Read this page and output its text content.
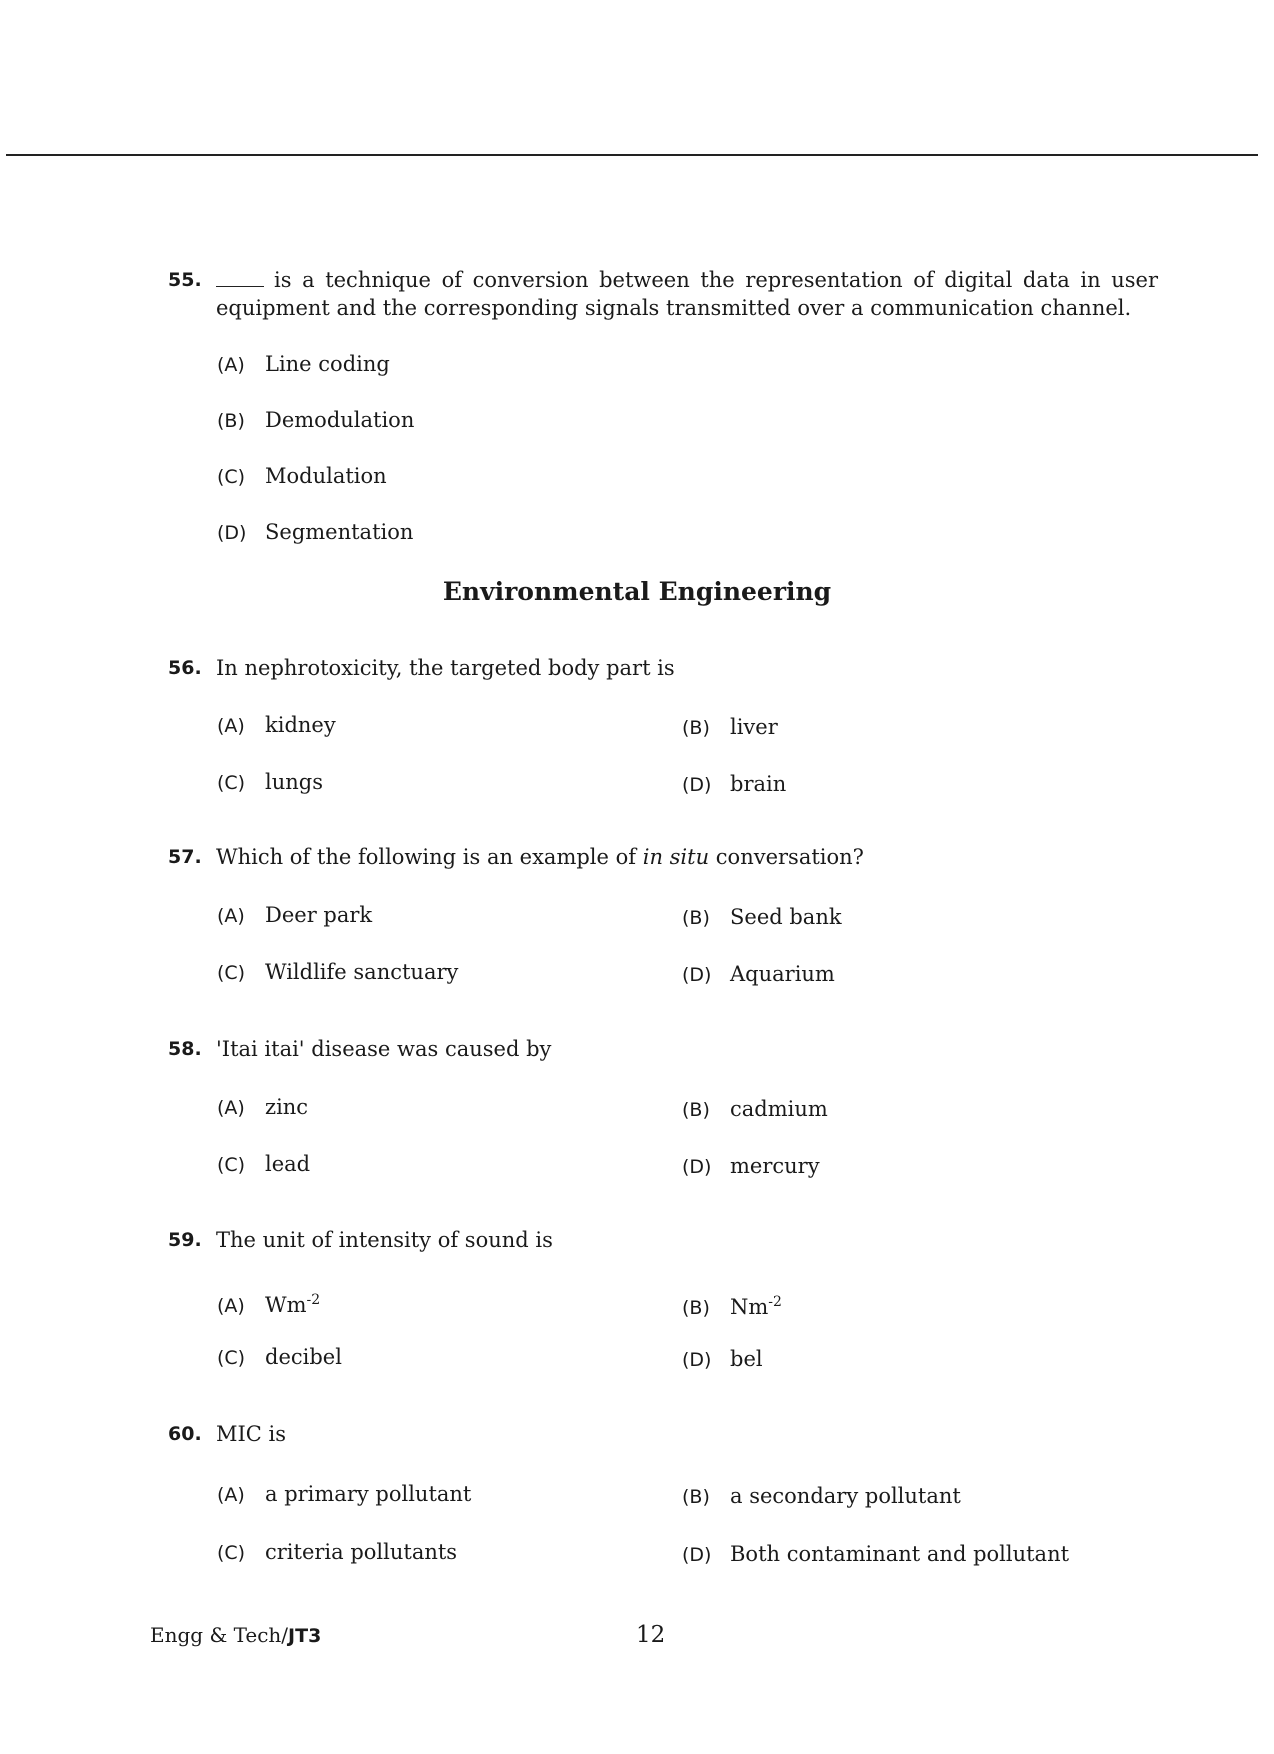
55.	is a technique of conversion between the representation of digital data in user equipment and the corresponding signals transmitted over a communication channel.
(A) Line coding
(B) Demodulation
(C) Modulation
(D) Segmentation
Environmental Engineering
56. In nephrotoxicity, the targeted body part is
(A) kidney	(B) liver
(C) lungs	(D) brain
57. Which of the following is an example of in situ conversation?
(A) Deer park	(B) Seed bank
(C) Wildlife sanctuary	(D) Aquarium
58. 'Itai itai' disease was caused by
(A) zinc	(B) cadmium
(C) lead	(D) mercury
59. The unit of intensity of sound is
(A) $Wm^{-2}$	(B) $Nm^{-2}$
(C) decibel	(D) bel
60. MIC is
(A) a primary pollutant	(B) a secondary pollutant
(C) criteria pollutants	(D) Both contaminant and pollutant
Engg & Tech/JT3	12
